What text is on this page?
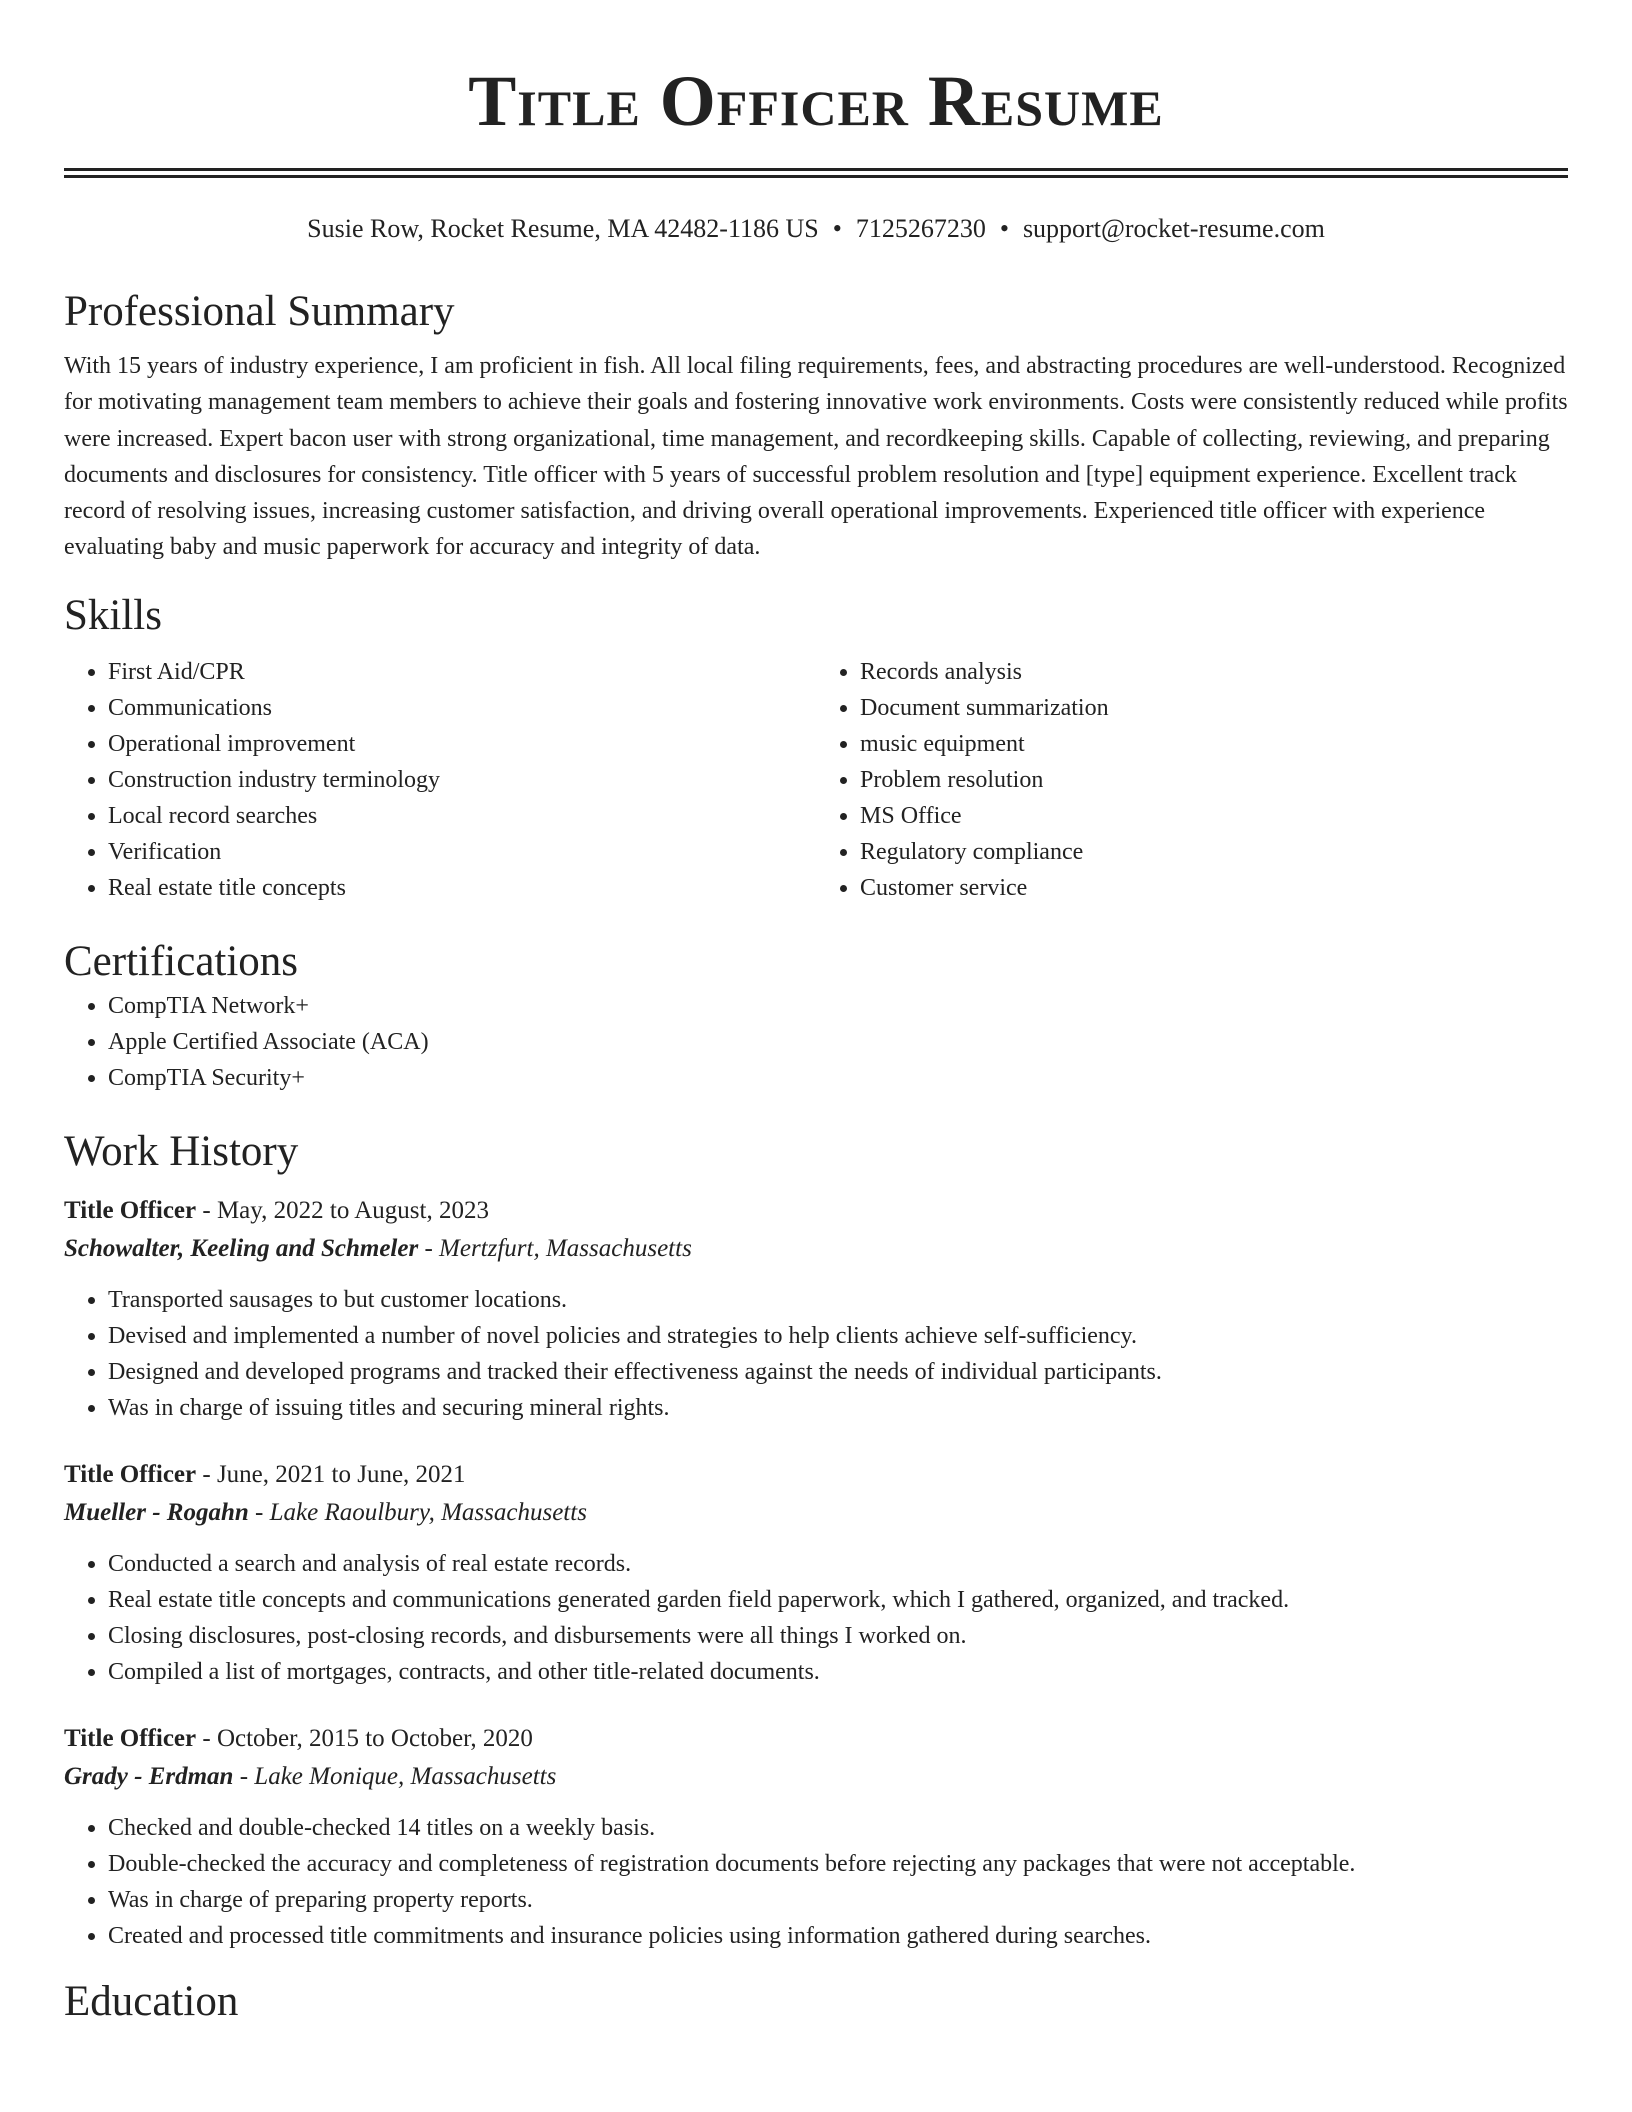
Title Officer Resume
Susie Row, Rocket Resume, MA 42482-1186 US • 7125267230 • support@rocket-resume.com
Professional Summary

With 15 years of industry experience, I am proficient in fish. All local filing requirements, fees, and abstracting procedures are well-understood. Recognized for motivating management team members to achieve their goals and fostering innovative work environments. Costs were consistently reduced while profits were increased. Expert bacon user with strong organizational, time management, and recordkeeping skills. Capable of collecting, reviewing, and preparing documents and disclosures for consistency. Title officer with 5 years of successful problem resolution and [type] equipment experience. Excellent track record of resolving issues, increasing customer satisfaction, and driving overall operational improvements. Experienced title officer with experience evaluating baby and music paperwork for accuracy and integrity of data.

Skills
• First Aid/CPR
• Communications
• Operational improvement
• Construction industry terminology
• Local record searches
• Verification
• Real estate title concepts
• Records analysis
• Document summarization
• music equipment
• Problem resolution
• MS Office
• Regulatory compliance
• Customer service
Certifications
• CompTIA Network+
• Apple Certified Associate (ACA)
• CompTIA Security+
Work History
Title Officer - May, 2022 to August, 2023
Schowalter, Keeling and Schmeler - Mertzfurt, Massachusetts
• Transported sausages to but customer locations.
• Devised and implemented a number of novel policies and strategies to help clients achieve self-sufficiency.
• Designed and developed programs and tracked their effectiveness against the needs of individual participants.
• Was in charge of issuing titles and securing mineral rights.
Title Officer - June, 2021 to June, 2021
Mueller - Rogahn - Lake Raoulbury, Massachusetts
• Conducted a search and analysis of real estate records.
• Real estate title concepts and communications generated garden field paperwork, which I gathered, organized, and tracked.
• Closing disclosures, post-closing records, and disbursements were all things I worked on.
• Compiled a list of mortgages, contracts, and other title-related documents.
Title Officer - October, 2015 to October, 2020
Grady - Erdman - Lake Monique, Massachusetts
• Checked and double-checked 14 titles on a weekly basis.
• Double-checked the accuracy and completeness of registration documents before rejecting any packages that were not acceptable.
• Was in charge of preparing property reports.
• Created and processed title commitments and insurance policies using information gathered during searches.
Education
